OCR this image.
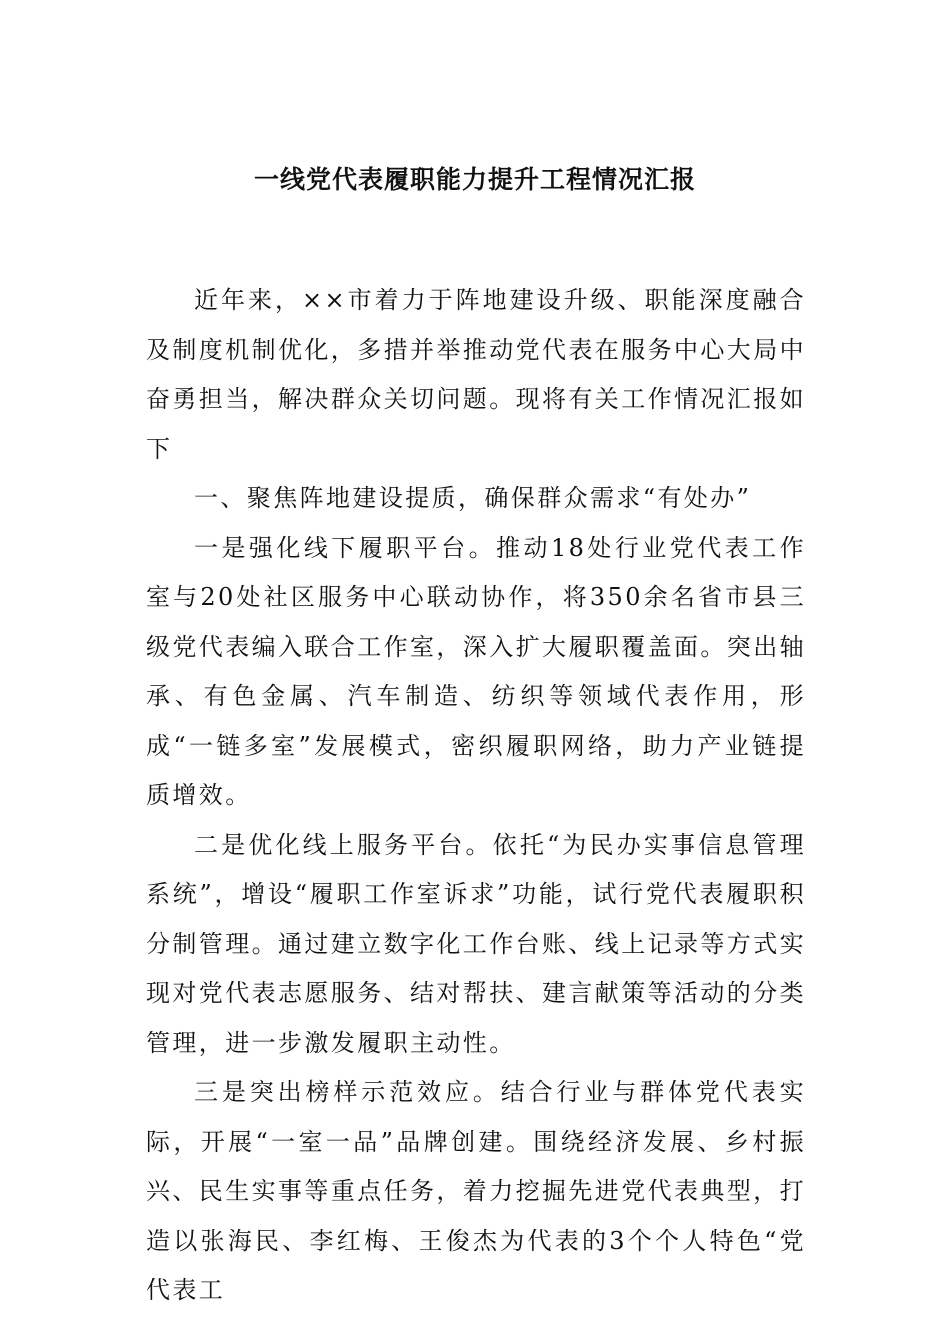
一线党代表履职能力提升工程情况汇报

近年来，××市着力于阵地建设升级、职能深度融合及制度机制优化，多措并举推动党代表在服务中心大局中奋勇担当，解决群众关切问题。现将有关工作情况汇报如下

一、聚焦阵地建设提质，确保群众需求“有处办”

一是强化线下履职平台。推动18处行业党代表工作室与20处社区服务中心联动协作，将350余名省市县三级党代表编入联合工作室，深入扩大履职覆盖面。突出轴承、有色金属、汽车制造、纺织等领域代表作用，形成“一链多室”发展模式，密织履职网络，助力产业链提质增效。

二是优化线上服务平台。依托“为民办实事信息管理系统”，增设“履职工作室诉求”功能，试行党代表履职积分制管理。通过建立数字化工作台账、线上记录等方式实现对党代表志愿服务、结对帮扶、建言献策等活动的分类管理，进一步激发履职主动性。

三是突出榜样示范效应。结合行业与群体党代表实际，开展“一室一品”品牌创建。围绕经济发展、乡村振兴、民生实事等重点任务，着力挖掘先进党代表典型，打造以张海民、李红梅、王俊杰为代表的3个个人特色“党代表工
